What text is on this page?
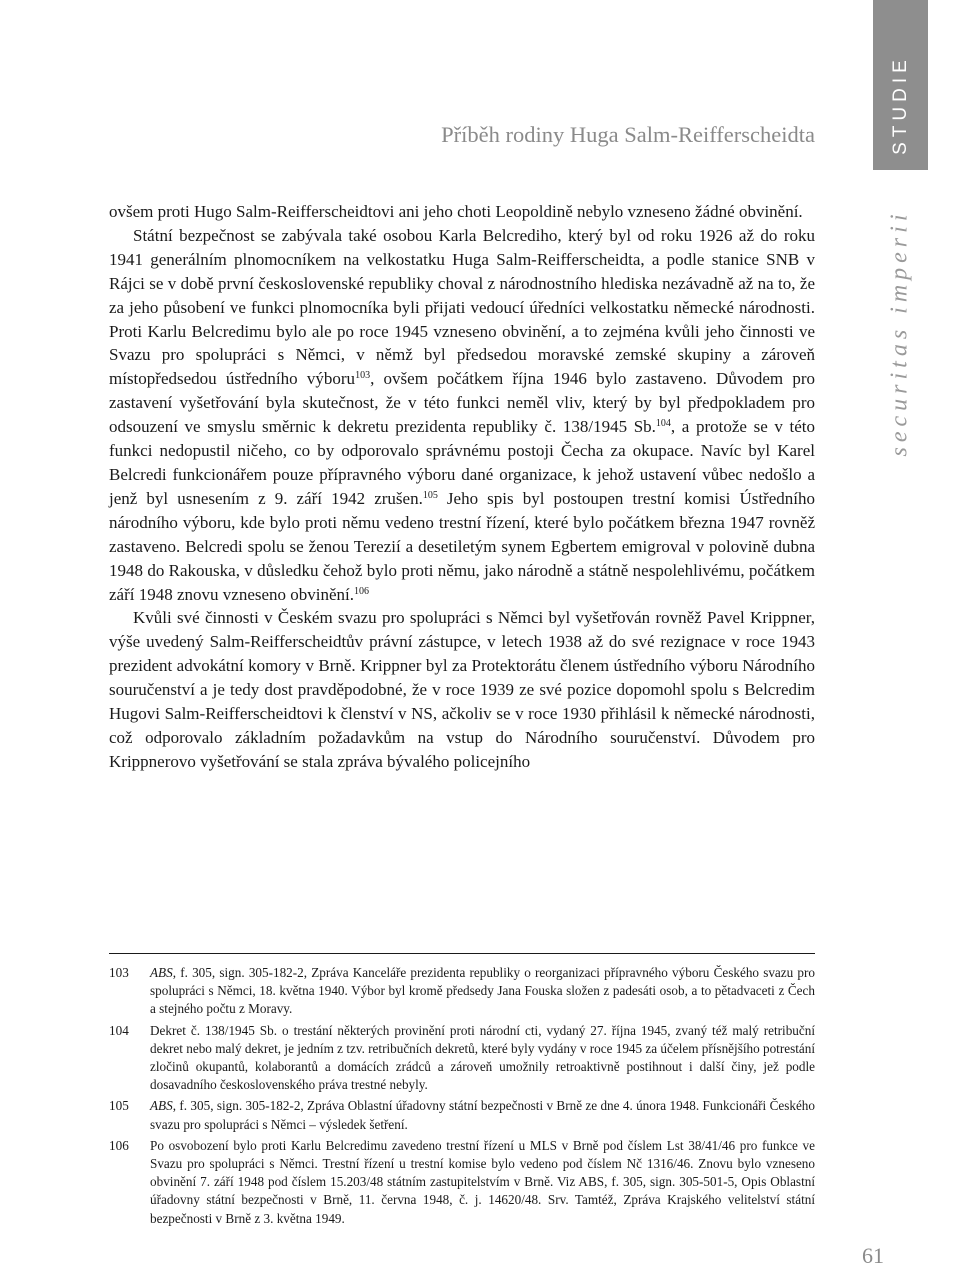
STUDIE
securitas imperii
Příběh rodiny Huga Salm-Reifferscheidta

ovšem proti Hugo Salm-Reifferscheidtovi ani jeho choti Leopoldině nebylo vzneseno žádné obvinění.

Státní bezpečnost se zabývala také osobou Karla Belcrediho, který byl od roku 1926 až do roku 1941 generálním plnomocníkem na velkostatku Huga Salm-Reifferscheidta, a podle stanice SNB v Rájci se v době první československé republiky choval z národnostního hlediska nezávadně až na to, že za jeho působení ve funkci plnomocníka byli přijati vedoucí úředníci velkostatku německé národnosti. Proti Karlu Belcredimu bylo ale po roce 1945 vzneseno obvinění, a to zejména kvůli jeho činnosti ve Svazu pro spolupráci s Němci, v němž byl předsedou moravské zemské skupiny a zároveň místopředsedou ústředního výboru$^{103}$, ovšem počátkem října 1946 bylo zastaveno. Důvodem pro zastavení vyšetřování byla skutečnost, že v této funkci neměl vliv, který by byl předpokladem pro odsouzení ve smyslu směrnic k dekretu prezidenta republiky č. 138/1945 Sb.$^{104}$, a protože se v této funkci nedopustil ničeho, co by odporovalo správnému postoji Čecha za okupace. Navíc byl Karel Belcredi funkcionářem pouze přípravného výboru dané organizace, k jehož ustavení vůbec nedošlo a jenž byl usnesením z 9. září 1942 zrušen.$^{105}$ Jeho spis byl postoupen trestní komisi Ústředního národního výboru, kde bylo proti němu vedeno trestní řízení, které bylo počátkem března 1947 rovněž zastaveno. Belcredi spolu se ženou Terezií a desetiletým synem Egbertem emigroval v polovině dubna 1948 do Rakouska, v důsledku čehož bylo proti němu, jako národně a státně nespolehlivému, počátkem září 1948 znovu vzneseno obvinění.$^{106}$

Kvůli své činnosti v Českém svazu pro spolupráci s Němci byl vyšetřován rovněž Pavel Krippner, výše uvedený Salm-Reifferscheidtův právní zástupce, v letech 1938 až do své rezignace v roce 1943 prezident advokátní komory v Brně. Krippner byl za Protektorátu členem ústředního výboru Národního souručenství a je tedy dost pravděpodobné, že v roce 1939 ze své pozice dopomohl spolu s Belcredim Hugovi Salm-Reifferscheidtovi k členství v NS, ačkoliv se v roce 1930 přihlásil k německé národnosti, což odporovalo základním požadavkům na vstup do Národního souručenství. Důvodem pro Krippnerovo vyšetřování se stala zpráva bývalého policejního

103	ABS, f. 305, sign. 305-182-2, Zpráva Kanceláře prezidenta republiky o reorganizaci přípravného výboru Českého svazu pro spolupráci s Němci, 18. května 1940. Výbor byl kromě předsedy Jana Fouska složen z padesáti osob, a to pětadvaceti z Čech a stejného počtu z Moravy.
104	Dekret č. 138/1945 Sb. o trestání některých provinění proti národní cti, vydaný 27. října 1945, zvaný též malý retribuční dekret nebo malý dekret, je jedním z tzv. retribučních dekretů, které byly vydány v roce 1945 za účelem přísnějšího potrestání zločinů okupantů, kolaborantů a domácích zrádců a zároveň umožnily retroaktivně postihnout i další činy, jež podle dosavadního československého práva trestné nebyly.
105	ABS, f. 305, sign. 305-182-2, Zpráva Oblastní úřadovny státní bezpečnosti v Brně ze dne 4. února 1948. Funkcionáři Českého svazu pro spolupráci s Němci – výsledek šetření.
106	Po osvobození bylo proti Karlu Belcredimu zavedeno trestní řízení u MLS v Brně pod číslem Lst 38/41/46 pro funkce ve Svazu pro spolupráci s Němci. Trestní řízení u trestní komise bylo vedeno pod číslem Nč 1316/46. Znovu bylo vzneseno obvinění 7. září 1948 pod číslem 15.203/48 státním zastupitelstvím v Brně. Viz ABS, f. 305, sign. 305-501-5, Opis Oblastní úřadovny státní bezpečnosti v Brně, 11. června 1948, č. j. 14620/48. Srv. Tamtéž, Zpráva Krajského velitelství státní bezpečnosti v Brně z 3. května 1949.
61
